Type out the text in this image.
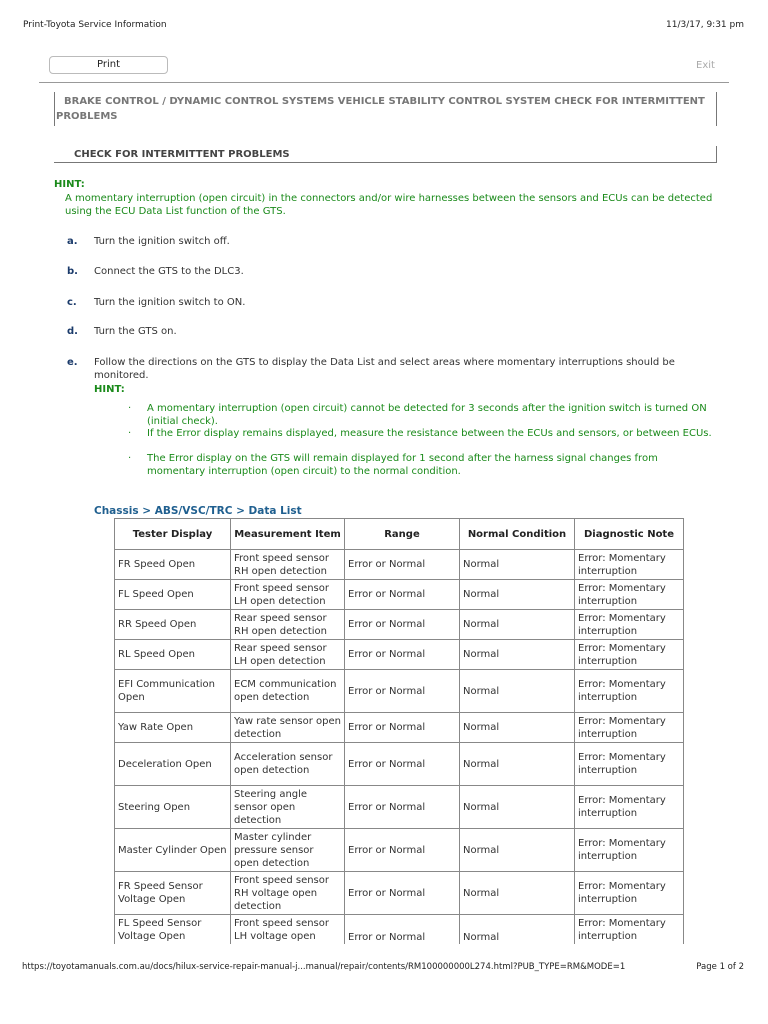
Print-Toyota Service Information	11/3/17, 9:31 pm
Print	Exit
BRAKE CONTROL / DYNAMIC CONTROL SYSTEMS VEHICLE STABILITY CONTROL SYSTEM CHECK FOR INTERMITTENT PROBLEMS
CHECK FOR INTERMITTENT PROBLEMS
HINT:
A momentary interruption (open circuit) in the connectors and/or wire harnesses between the sensors and ECUs can be detected using the ECU Data List function of the GTS.
a. Turn the ignition switch off.
b. Connect the GTS to the DLC3.
c. Turn the ignition switch to ON.
d. Turn the GTS on.
e. Follow the directions on the GTS to display the Data List and select areas where momentary interruptions should be monitored.
HINT:
· A momentary interruption (open circuit) cannot be detected for 3 seconds after the ignition switch is turned ON (initial check).
· If the Error display remains displayed, measure the resistance between the ECUs and sensors, or between ECUs.
· The Error display on the GTS will remain displayed for 1 second after the harness signal changes from momentary interruption (open circuit) to the normal condition.
Chassis > ABS/VSC/TRC > Data List
Tester Display	Measurement Item	Range	Normal Condition	Diagnostic Note
FR Speed Open	Front speed sensor RH open detection	Error or Normal	Normal	Error: Momentary interruption
FL Speed Open	Front speed sensor LH open detection	Error or Normal	Normal	Error: Momentary interruption
RR Speed Open	Rear speed sensor RH open detection	Error or Normal	Normal	Error: Momentary interruption
RL Speed Open	Rear speed sensor LH open detection	Error or Normal	Normal	Error: Momentary interruption
EFI Communication Open	ECM communication open detection	Error or Normal	Normal	Error: Momentary interruption
Yaw Rate Open	Yaw rate sensor open detection	Error or Normal	Normal	Error: Momentary interruption
Deceleration Open	Acceleration sensor open detection	Error or Normal	Normal	Error: Momentary interruption
Steering Open	Steering angle sensor open detection	Error or Normal	Normal	Error: Momentary interruption
Master Cylinder Open	Master cylinder pressure sensor open detection	Error or Normal	Normal	Error: Momentary interruption
FR Speed Sensor Voltage Open	Front speed sensor RH voltage open detection	Error or Normal	Normal	Error: Momentary interruption
FL Speed Sensor Voltage Open	Front speed sensor LH voltage open	Error or Normal	Normal	Error: Momentary interruption
https://toyotamanuals.com.au/docs/hilux-service-repair-manual-j...manual/repair/contents/RM100000000L274.html?PUB_TYPE=RM&MODE=1	Page 1 of 2
